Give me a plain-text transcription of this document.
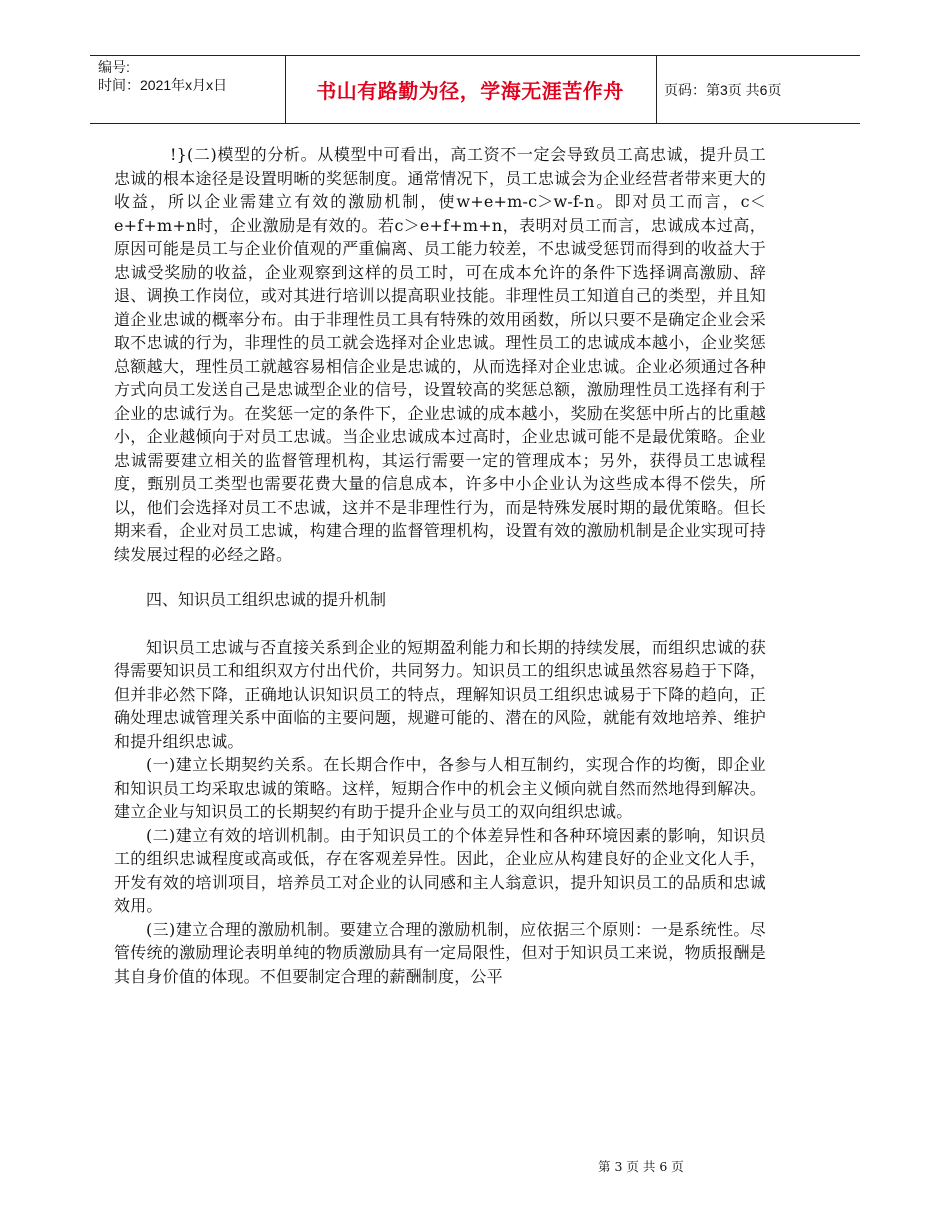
编号:
时间：2021年x月x日	书山有路勤为径，学海无涯苦作舟	页码：第3页 共6页

!}(二)模型的分析。从模型中可看出，高工资不一定会导致员工高忠诚，提升员工忠诚的根本途径是设置明晰的奖惩制度。通常情况下，员工忠诚会为企业经营者带来更大的收益，所以企业需建立有效的激励机制，使w+e+m-c＞w-f-n。即对员工而言，c＜e+f+m+n时，企业激励是有效的。若c＞e+f+m+n，表明对员工而言，忠诚成本过高，原因可能是员工与企业价值观的严重偏离、员工能力较差，不忠诚受惩罚而得到的收益大于忠诚受奖励的收益，企业观察到这样的员工时，可在成本允许的条件下选择调高激励、辞退、调换工作岗位，或对其进行培训以提高职业技能。非理性员工知道自己的类型，并且知道企业忠诚的概率分布。由于非理性员工具有特殊的效用函数，所以只要不是确定企业会采取不忠诚的行为，非理性的员工就会选择对企业忠诚。理性员工的忠诚成本越小，企业奖惩总额越大，理性员工就越容易相信企业是忠诚的，从而选择对企业忠诚。企业必须通过各种方式向员工发送自己是忠诚型企业的信号，设置较高的奖惩总额，激励理性员工选择有利于企业的忠诚行为。在奖惩一定的条件下，企业忠诚的成本越小，奖励在奖惩中所占的比重越小，企业越倾向于对员工忠诚。当企业忠诚成本过高时，企业忠诚可能不是最优策略。企业忠诚需要建立相关的监督管理机构，其运行需要一定的管理成本；另外，获得员工忠诚程度，甄别员工类型也需要花费大量的信息成本，许多中小企业认为这些成本得不偿失，所以，他们会选择对员工不忠诚，这并不是非理性行为，而是特殊发展时期的最优策略。但长期来看，企业对员工忠诚，构建合理的监督管理机构，设置有效的激励机制是企业实现可持续发展过程的必经之路。

四、知识员工组织忠诚的提升机制

知识员工忠诚与否直接关系到企业的短期盈利能力和长期的持续发展，而组织忠诚的获得需要知识员工和组织双方付出代价，共同努力。知识员工的组织忠诚虽然容易趋于下降，但并非必然下降，正确地认识知识员工的特点，理解知识员工组织忠诚易于下降的趋向，正确处理忠诚管理关系中面临的主要问题，规避可能的、潜在的风险，就能有效地培养、维护和提升组织忠诚。

(一)建立长期契约关系。在长期合作中，各参与人相互制约，实现合作的均衡，即企业和知识员工均采取忠诚的策略。这样，短期合作中的机会主义倾向就自然而然地得到解决。建立企业与知识员工的长期契约有助于提升企业与员工的双向组织忠诚。

(二)建立有效的培训机制。由于知识员工的个体差异性和各种环境因素的影响，知识员工的组织忠诚程度或高或低，存在客观差异性。因此，企业应从构建良好的企业文化人手，开发有效的培训项目，培养员工对企业的认同感和主人翁意识，提升知识员工的品质和忠诚效用。

(三)建立合理的激励机制。要建立合理的激励机制，应依据三个原则：一是系统性。尽管传统的激励理论表明单纯的物质激励具有一定局限性，但对于知识员工来说，物质报酬是其自身价值的体现。不但要制定合理的薪酬制度，公平

第 3 页 共 6 页
